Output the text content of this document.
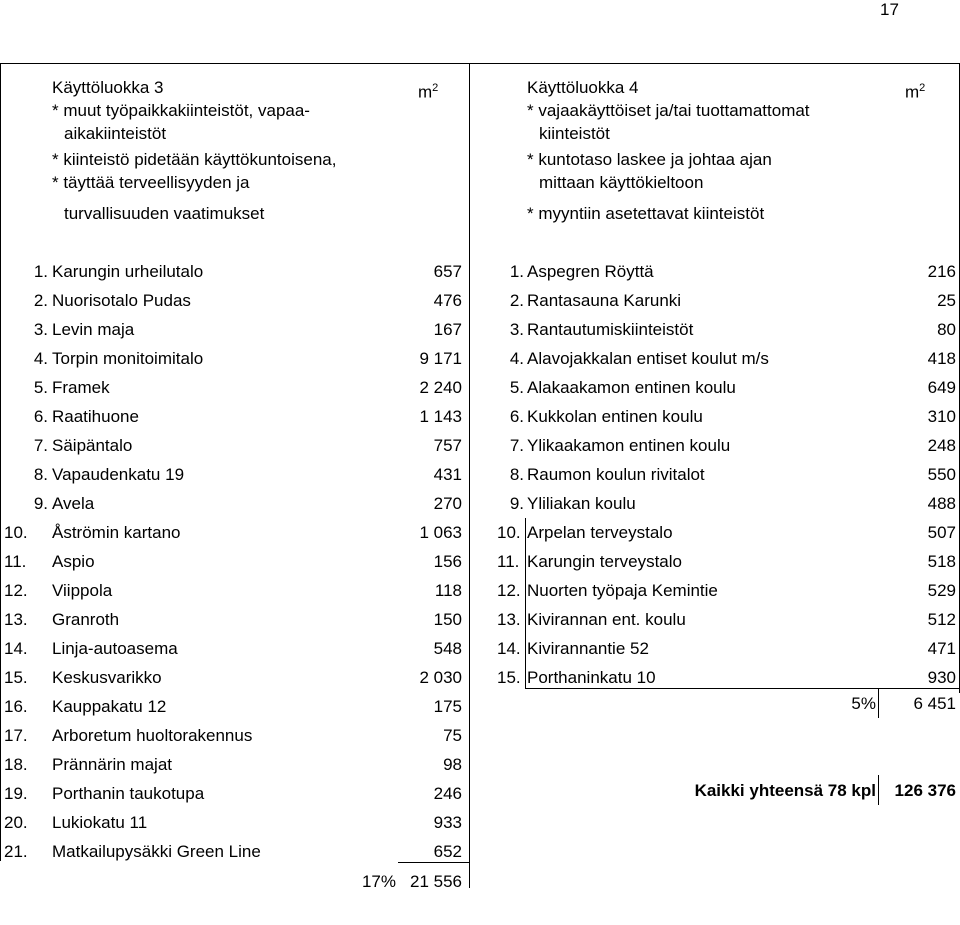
17
Käyttöluokka 3	$m^2$
* muut työpaikkakiinteistöt, vapaa-
aikakiinteistöt
* kiinteistö pidetään käyttökuntoisena,
* täyttää terveellisyyden ja
turvallisuuden vaatimukset
Käyttöluokka 4	$m^2$
* vajaakäyttöiset ja/tai tuottamattomat
kiinteistöt
* kuntotaso laskee ja johtaa ajan
mittaan käyttökieltoon
* myyntiin asetettavat kiinteistöt
1. Karungin urheilutalo	657
2. Nuorisotalo Pudas	476
3. Levin maja	167
4. Torpin monitoimitalo	9 171
5. Framek	2 240
6. Raatihuone	1 143
7. Säipäntalo	757
8. Vapaudenkatu 19	431
9. Avela	270
10. Åströmin kartano	1 063
11. Aspio	156
12. Viippola	118
13. Granroth	150
14. Linja-autoasema	548
15. Keskusvarikko	2 030
16. Kauppakatu 12	175
17. Arboretum huoltorakennus	75
18. Prännärin majat	98
19. Porthanin taukotupa	246
20. Lukiokatu 11	933
21. Matkailupysäkki Green Line	652
1. Aspegren Röyttä	216
2. Rantasauna Karunki	25
3. Rantautumiskiinteistöt	80
4. Alavojakkalan entiset koulut m/s	418
5. Alakaakamon entinen koulu	649
6. Kukkolan entinen koulu	310
7. Ylikaakamon entinen koulu	248
8. Raumon koulun rivitalot	550
9. Yliliakan koulu	488
10. Arpelan terveystalo	507
11. Karungin terveystalo	518
12. Nuorten työpaja Kemintie	529
13. Kivirannan ent. koulu	512
14. Kivirannantie 52	471
15. Porthaninkatu 10	930
17% 21 556
5%	6 451
Kaikki yhteensä 78 kpl	126 376
